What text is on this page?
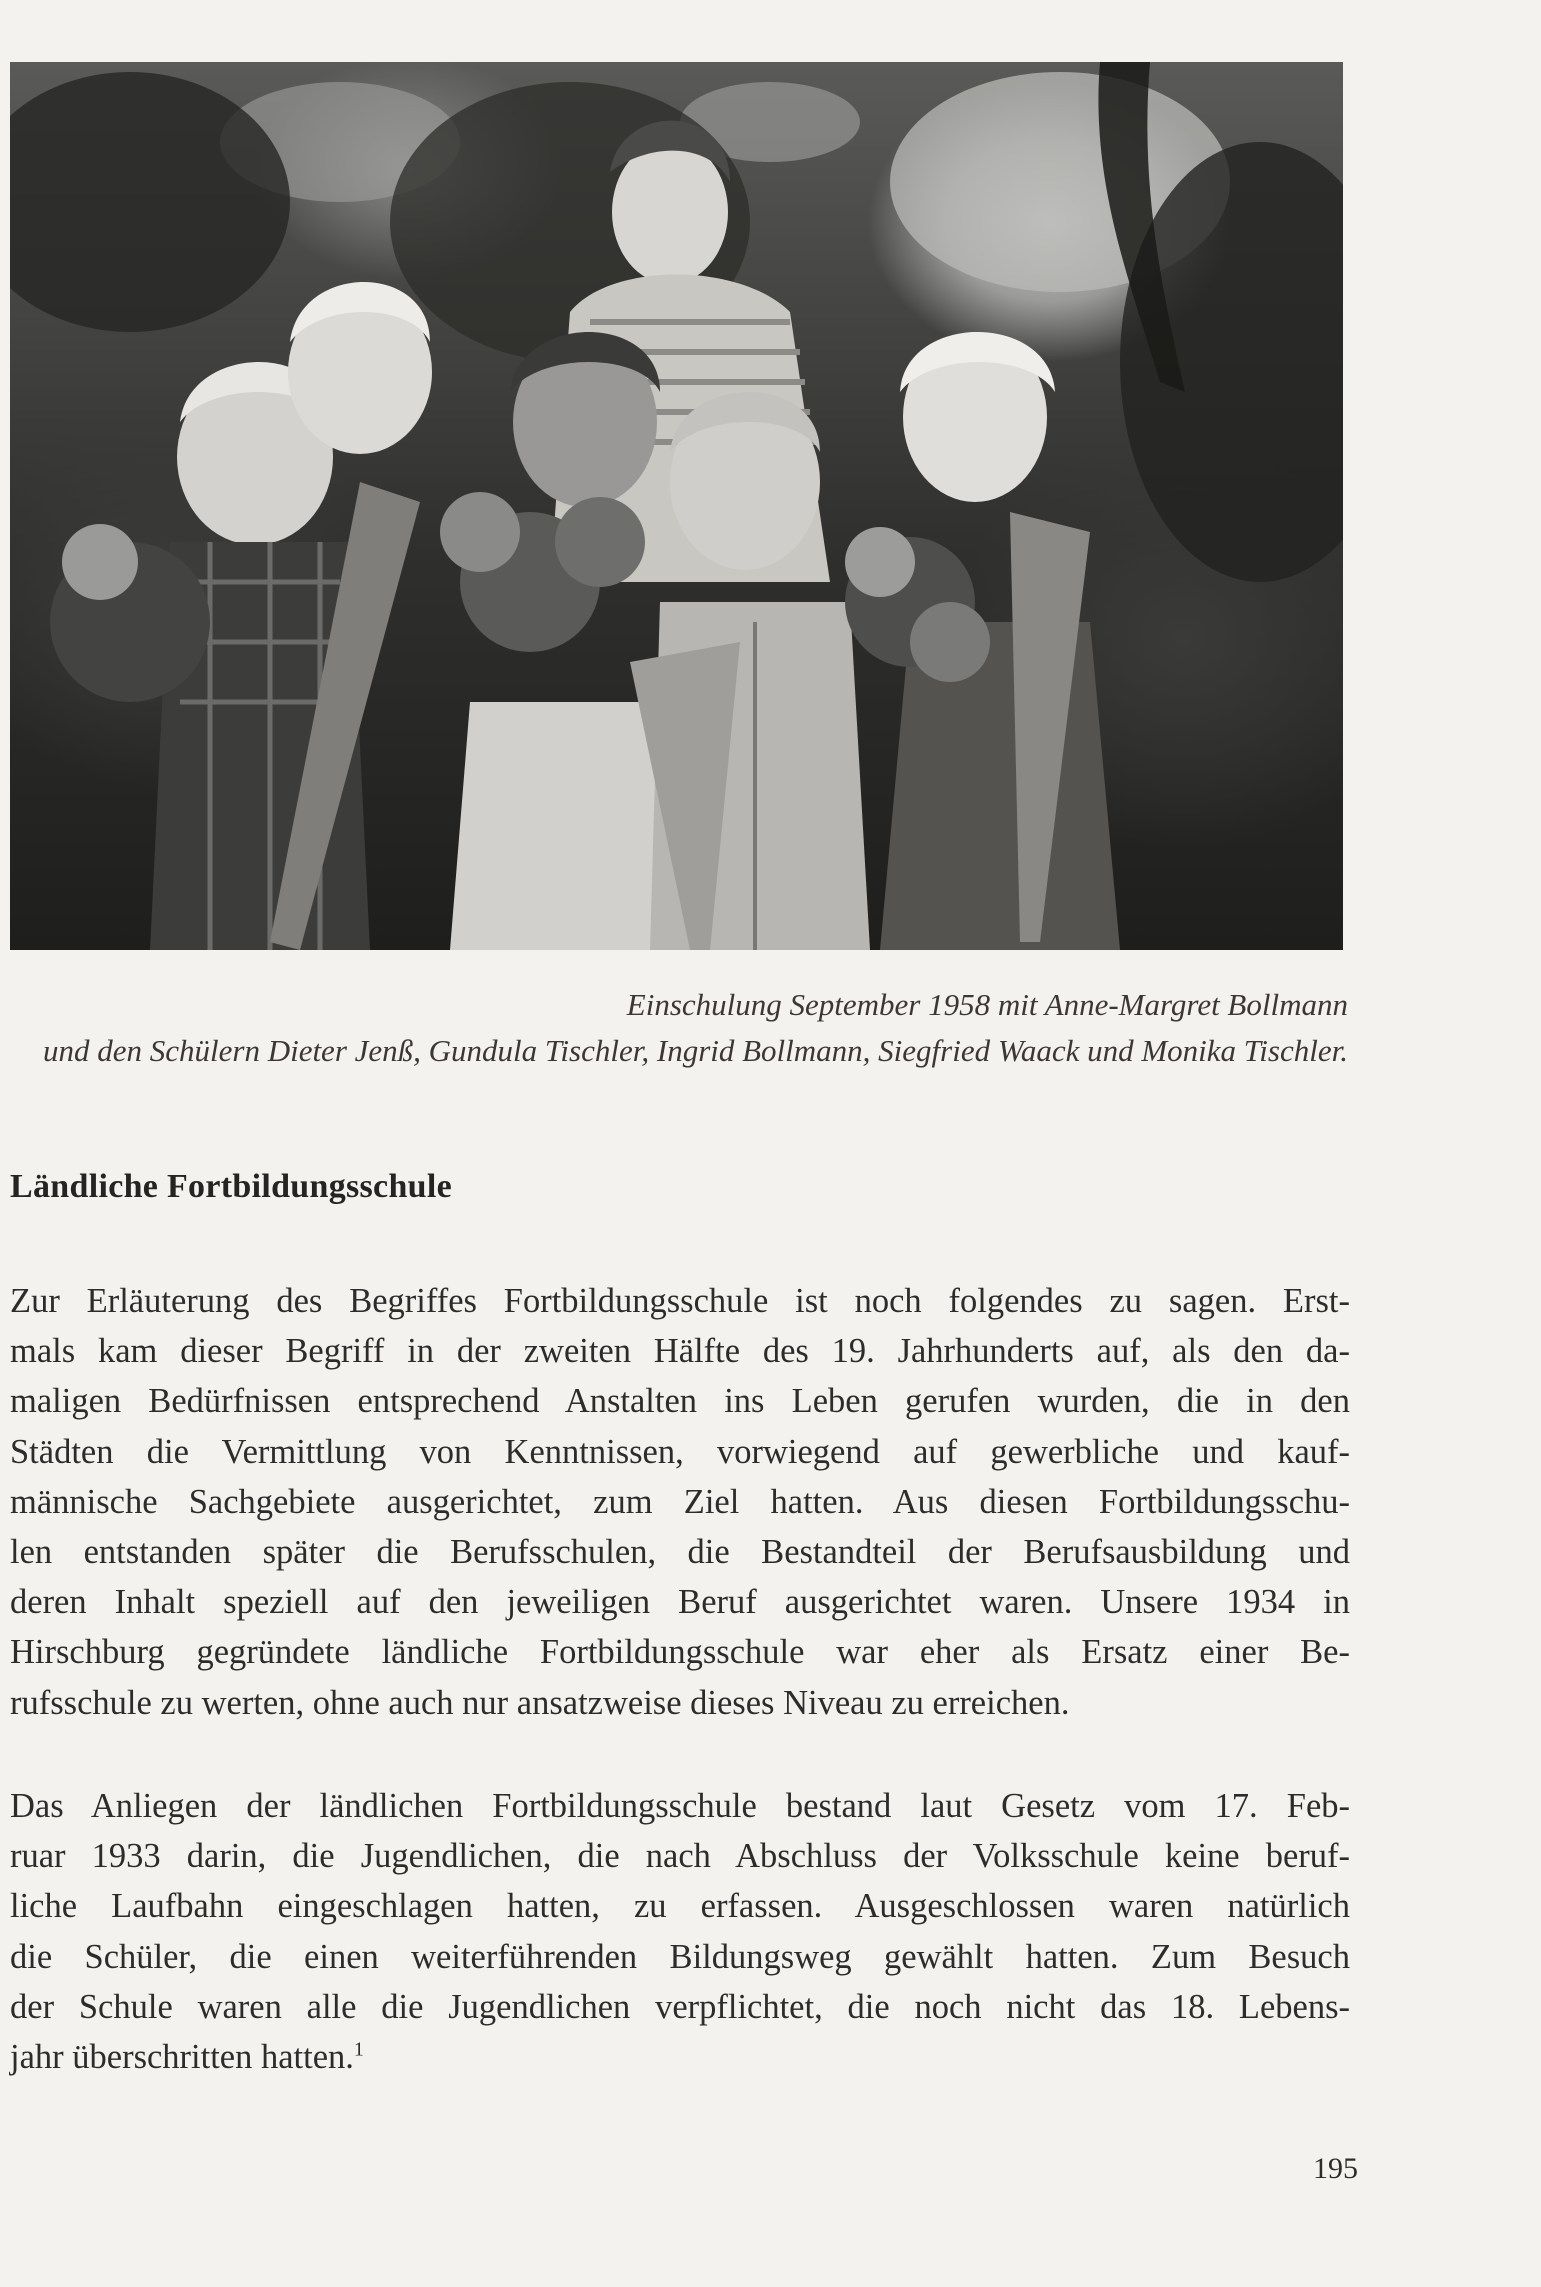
Einschulung September 1958 mit Anne-Margret Bollmann
und den Schülern Dieter Jenß, Gundula Tischler, Ingrid Bollmann, Siegfried Waack und Monika Tischler.
Ländliche Fortbildungsschule
Zur Erläuterung des Begriffes Fortbildungsschule ist noch folgendes zu sagen. Erst-
mals kam dieser Begriff in der zweiten Hälfte des 19. Jahrhunderts auf, als den da-
maligen Bedürfnissen entsprechend Anstalten ins Leben gerufen wurden, die in den
Städten die Vermittlung von Kenntnissen, vorwiegend auf gewerbliche und kauf-
männische Sachgebiete ausgerichtet, zum Ziel hatten. Aus diesen Fortbildungsschu-
len entstanden später die Berufsschulen, die Bestandteil der Berufsausbildung und
deren Inhalt speziell auf den jeweiligen Beruf ausgerichtet waren. Unsere 1934 in
Hirschburg gegründete ländliche Fortbildungsschule war eher als Ersatz einer Be-
rufsschule zu werten, ohne auch nur ansatzweise dieses Niveau zu erreichen.
Das Anliegen der ländlichen Fortbildungsschule bestand laut Gesetz vom 17. Feb-
ruar 1933 darin, die Jugendlichen, die nach Abschluss der Volksschule keine beruf-
liche Laufbahn eingeschlagen hatten, zu erfassen. Ausgeschlossen waren natürlich
die Schüler, die einen weiterführenden Bildungsweg gewählt hatten. Zum Besuch
der Schule waren alle die Jugendlichen verpflichtet, die noch nicht das 18. Lebens-
jahr überschritten hatten.$^1$
195
